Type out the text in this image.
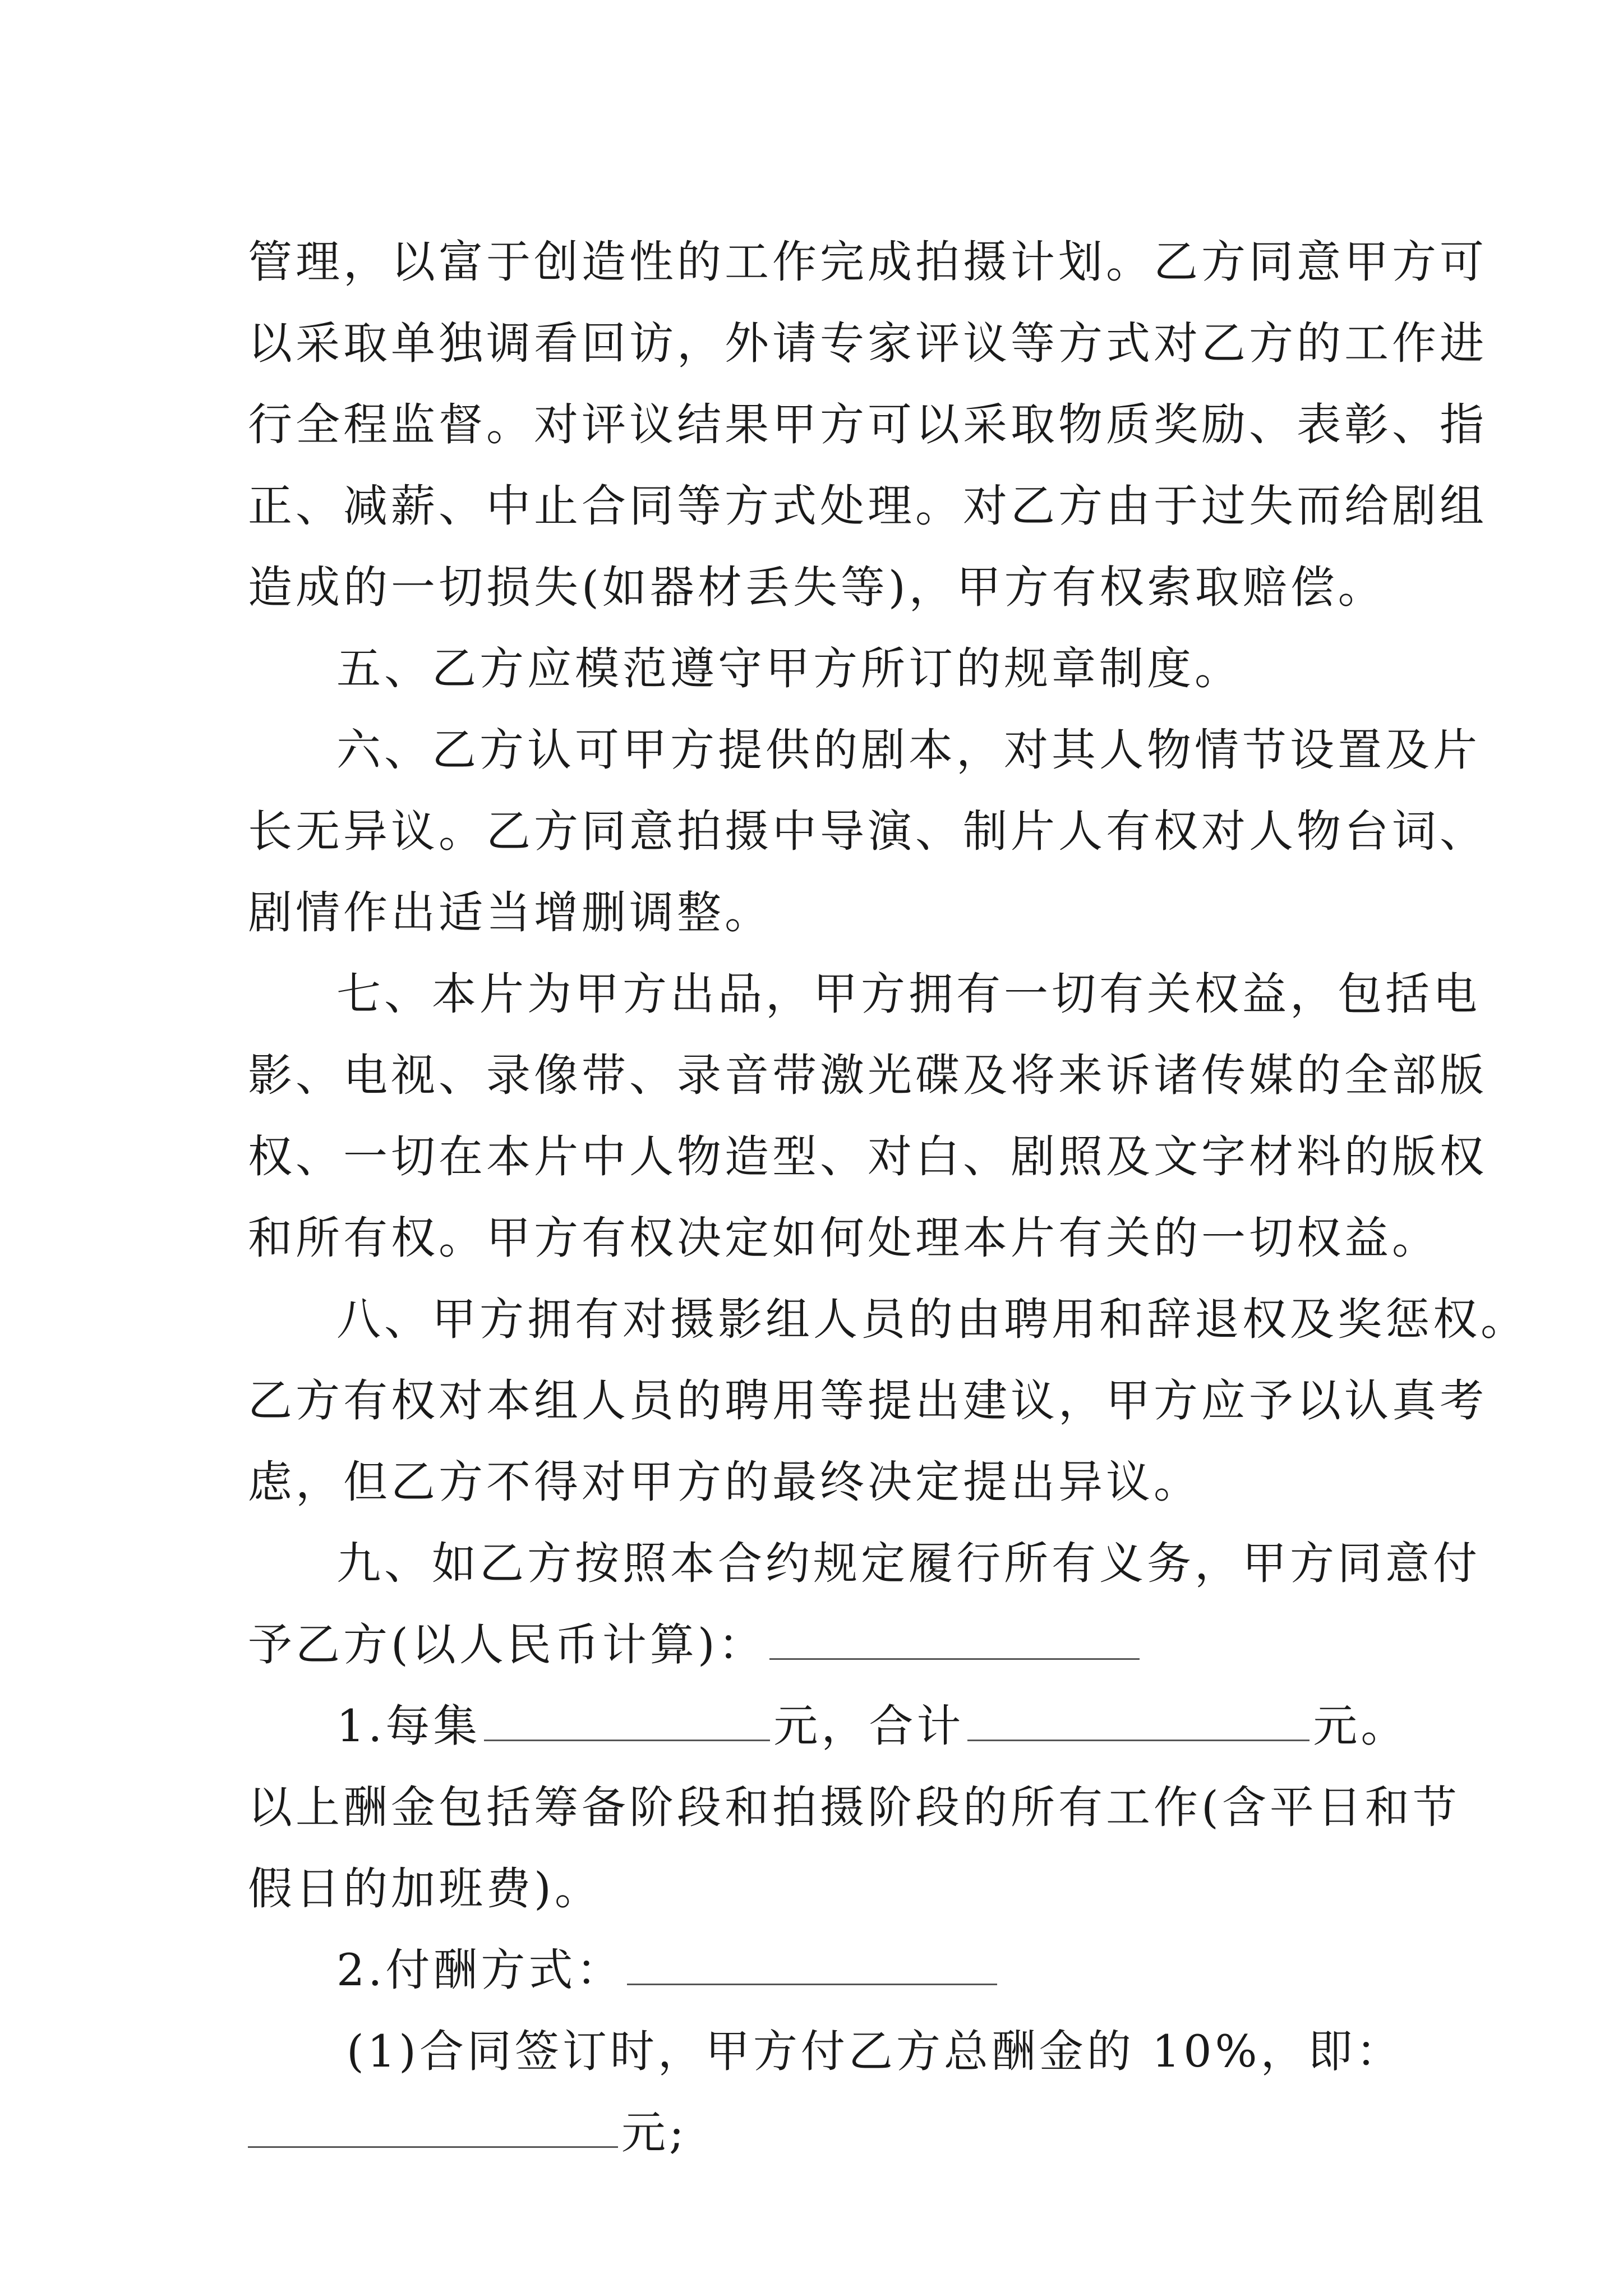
管理，以富于创造性的工作完成拍摄计划。乙方同意甲方可
以采取单独调看回访，外请专家评议等方式对乙方的工作进
行全程监督。对评议结果甲方可以采取物质奖励、表彰、指
正、减薪、中止合同等方式处理。对乙方由于过失而给剧组
造成的一切损失(如器材丢失等)，甲方有权索取赔偿。
五、乙方应模范遵守甲方所订的规章制度。
六、乙方认可甲方提供的剧本，对其人物情节设置及片
长无异议。乙方同意拍摄中导演、制片人有权对人物台词、
剧情作出适当增删调整。
七、本片为甲方出品，甲方拥有一切有关权益，包括电
影、电视、录像带、录音带激光碟及将来诉诸传媒的全部版
权、一切在本片中人物造型、对白、剧照及文字材料的版权
和所有权。甲方有权决定如何处理本片有关的一切权益。
八、甲方拥有对摄影组人员的由聘用和辞退权及奖惩权。
乙方有权对本组人员的聘用等提出建议，甲方应予以认真考
虑，但乙方不得对甲方的最终决定提出异议。
九、如乙方按照本合约规定履行所有义务，甲方同意付
予乙方(以人民币计算)：
1.每集	元，合计	元。
以上酬金包括筹备阶段和拍摄阶段的所有工作(含平日和节
假日的加班费)。
2.付酬方式：
(1)合同签订时，甲方付乙方总酬金的 10%，即：
元;
